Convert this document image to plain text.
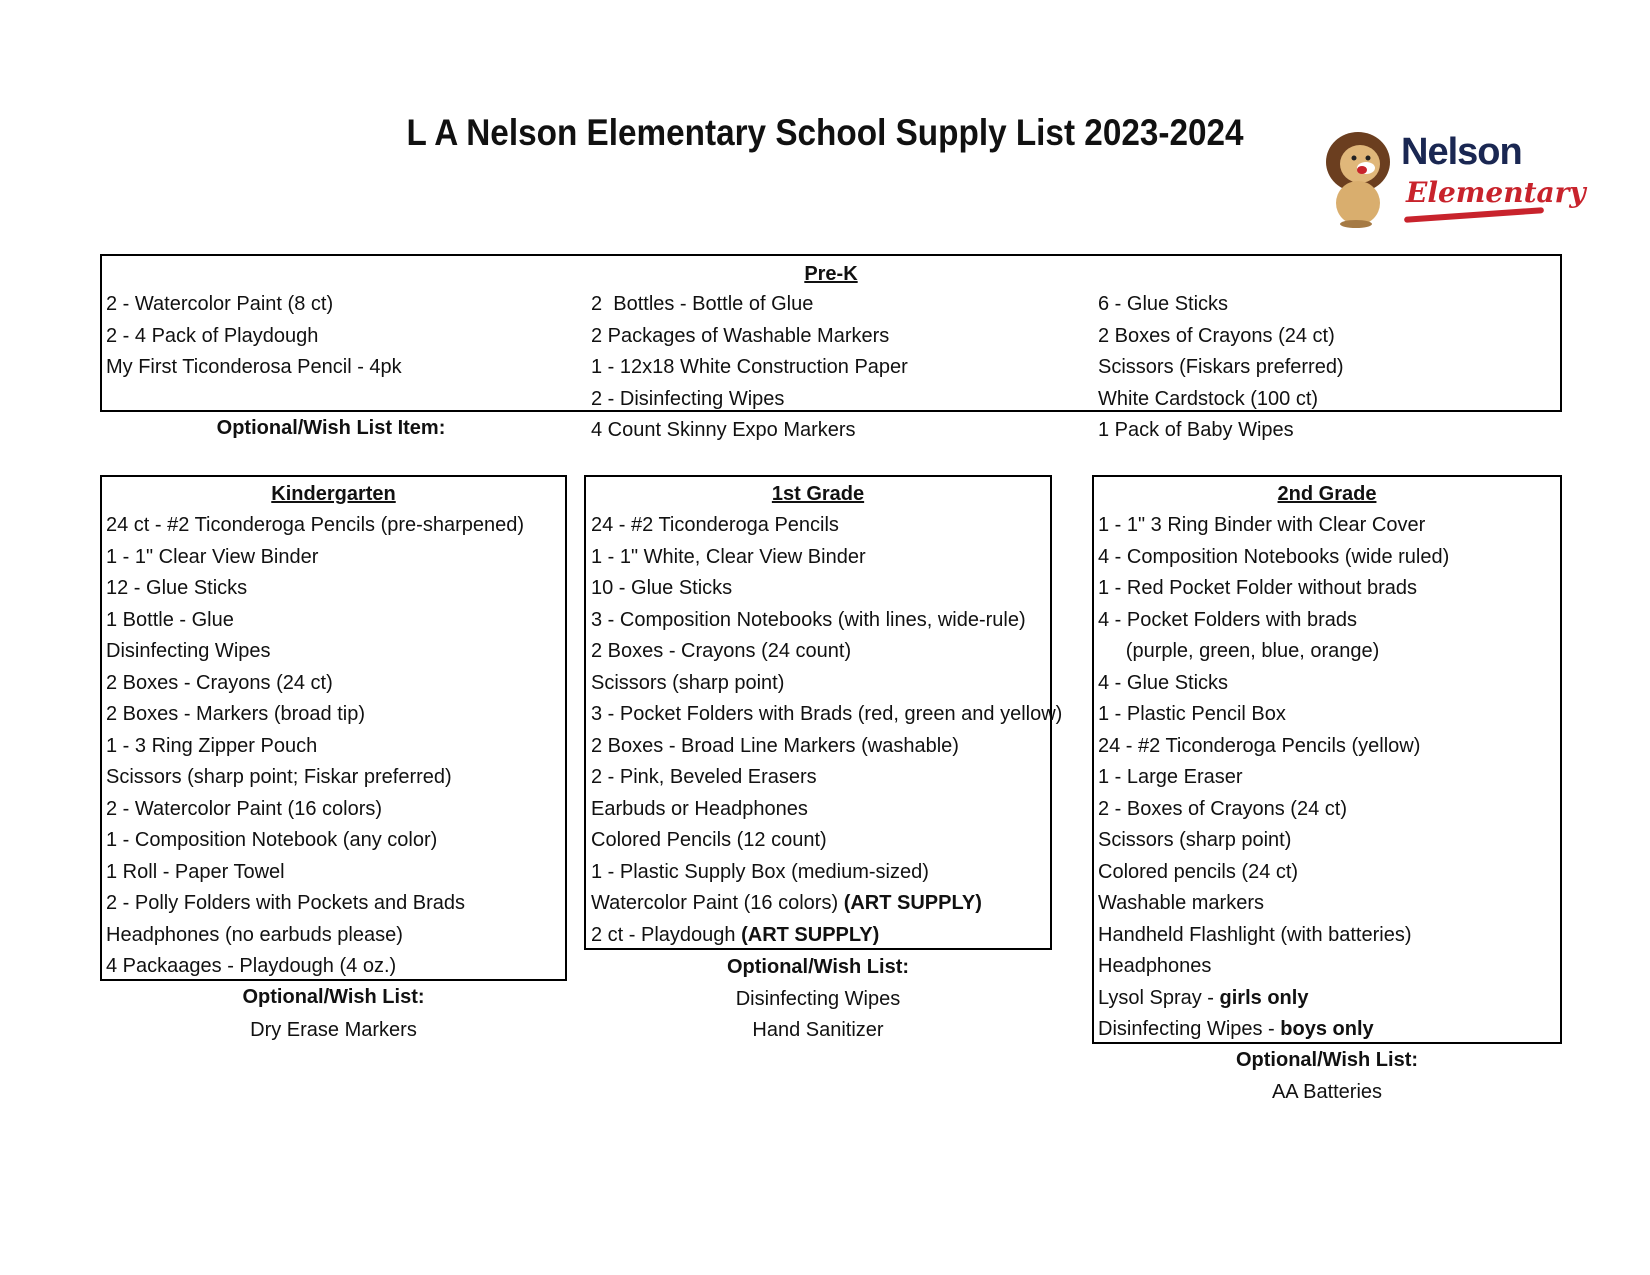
L A Nelson Elementary School Supply List 2023-2024	Nelson
Elementary
Pre-K
2 - Watercolor Paint (8 ct)
2 - 4 Pack of Playdough
My First Ticonderosa Pencil - 4pk
2  Bottles - Bottle of Glue
2 Packages of Washable Markers
1 - 12x18 White Construction Paper
2 - Disinfecting Wipes
4 Count Skinny Expo Markers
6 - Glue Sticks
2 Boxes of Crayons (24 ct)
Scissors (Fiskars preferred)
White Cardstock (100 ct)
1 Pack of Baby Wipes
Optional/Wish List Item:
Kindergarten
24 ct - #2 Ticonderoga Pencils (pre-sharpened)
1 - 1" Clear View Binder
12 - Glue Sticks
1 Bottle - Glue
Disinfecting Wipes
2 Boxes - Crayons (24 ct)
2 Boxes - Markers (broad tip)
1 - 3 Ring Zipper Pouch
Scissors (sharp point; Fiskar preferred)
2 - Watercolor Paint (16 colors)
1 - Composition Notebook (any color)
1 Roll - Paper Towel
2 - Polly Folders with Pockets and Brads
Headphones (no earbuds please)
4 Packaages - Playdough (4 oz.)
Optional/Wish List:
Dry Erase Markers
1st Grade
24 - #2 Ticonderoga Pencils
1 - 1" White, Clear View Binder
10 - Glue Sticks
3 - Composition Notebooks (with lines, wide-rule)
2 Boxes - Crayons (24 count)
Scissors (sharp point)
3 - Pocket Folders with Brads (red, green and yellow)
2 Boxes - Broad Line Markers (washable)
2 - Pink, Beveled Erasers
Earbuds or Headphones
Colored Pencils (12 count)
1 - Plastic Supply Box (medium-sized)
Watercolor Paint (16 colors) (ART SUPPLY)
2 ct - Playdough (ART SUPPLY)
Optional/Wish List:
Disinfecting Wipes
Hand Sanitizer
2nd Grade
1 - 1" 3 Ring Binder with Clear Cover
4 - Composition Notebooks (wide ruled)
1 - Red Pocket Folder without brads
4 - Pocket Folders with brads
(purple, green, blue, orange)
4 - Glue Sticks
1 - Plastic Pencil Box
24 - #2 Ticonderoga Pencils (yellow)
1 - Large Eraser
2 - Boxes of Crayons (24 ct)
Scissors (sharp point)
Colored pencils (24 ct)
Washable markers
Handheld Flashlight (with batteries)
Headphones
Lysol Spray - girls only
Disinfecting Wipes - boys only
Optional/Wish List:
AA Batteries
